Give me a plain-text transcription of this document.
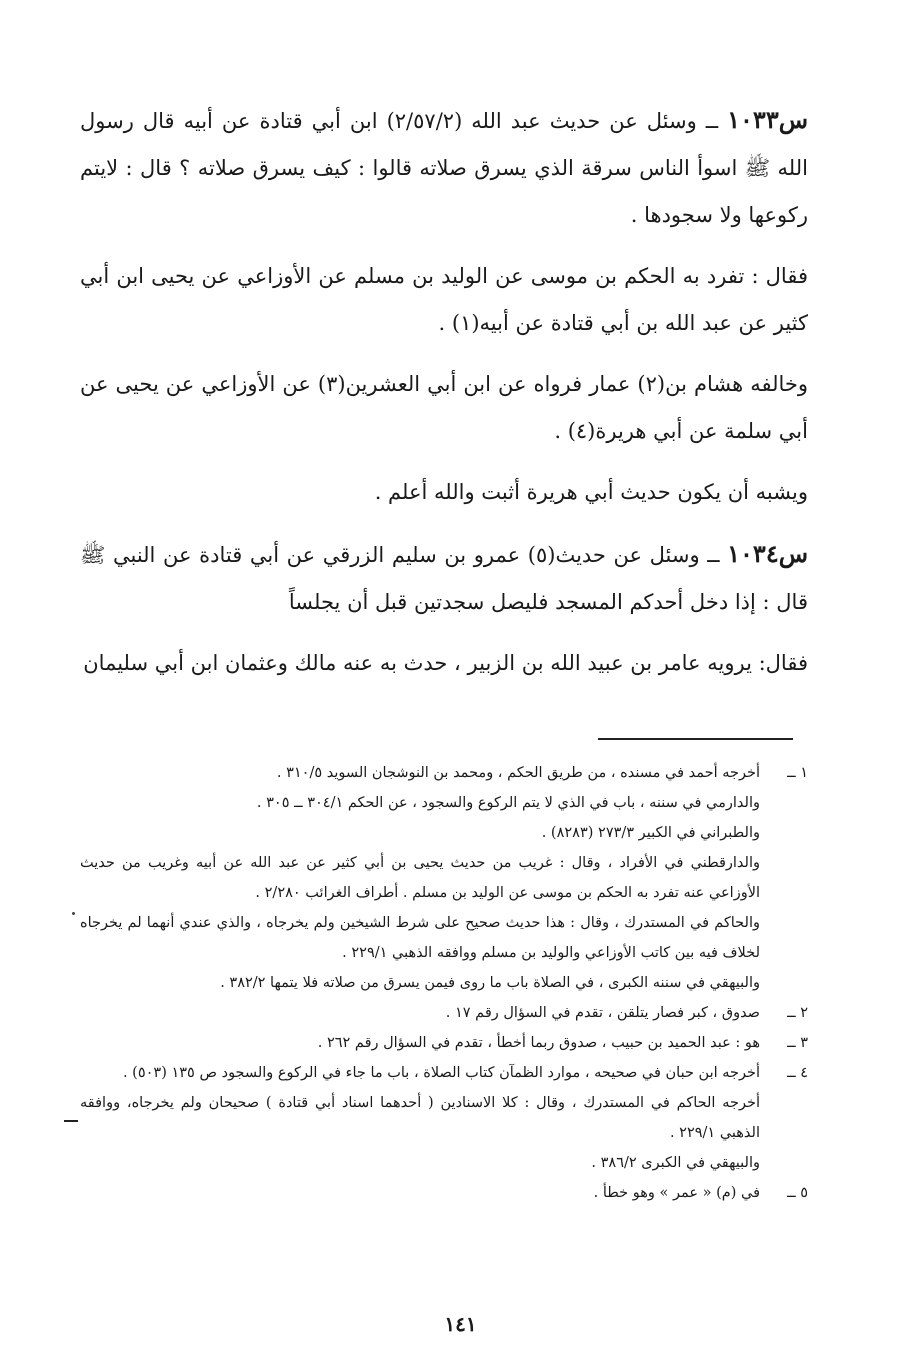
س١٠٣٣ ــ وسئل عن حديث عبد الله (٢/٥٧/٢) ابن أبي قتادة عن أبيه قال رسول الله ﷺ اسوأ الناس سرقة الذي يسرق صلاته قالوا : كيف يسرق صلاته ؟ قال : لايتم ركوعها ولا سجودها .

فقال : تفرد به الحكم بن موسى عن الوليد بن مسلم عن الأوزاعي عن يحيى ابن أبي كثير عن عبد الله بن أبي قتادة عن أبيه(١) .

وخالفه هشام بن(٢) عمار فرواه عن ابن أبي العشرين(٣) عن الأوزاعي عن يحيى عن أبي سلمة عن أبي هريرة(٤) .

ويشبه أن يكون حديث أبي هريرة أثبت والله أعلم .

س١٠٣٤ ــ وسئل عن حديث(٥) عمرو بن سليم الزرقي عن أبي قتادة عن النبي ﷺ قال : إذا دخل أحدكم المسجد فليصل سجدتين قبل أن يجلساً

فقال: يرويه عامر بن عبيد الله بن الزبير ، حدث به عنه مالك وعثمان ابن أبي سليمان

١ ــ
أخرجه أحمد في مسنده ، من طريق الحكم ، ومحمد بن النوشجان السويد ٣١٠/٥ .
والدارمي في سننه ، باب في الذي لا يتم الركوع والسجود ، عن الحكم ٣٠٤/١ ــ ٣٠٥ .
والطبراني في الكبير ٢٧٣/٣ (٨٢٨٣) .
والدارقطني في الأفراد ، وقال : غريب من حديث يحيى بن أبي كثير عن عبد الله عن أبيه وغريب من حديث الأوزاعي عنه تفرد به الحكم بن موسى عن الوليد بن مسلم . أطراف الغرائب ٢/٢٨٠ .
والحاكم في المستدرك ، وقال : هذا حديث صحيح على شرط الشيخين ولم يخرجاه ، والذي عندي أنهما لم يخرجاه لخلاف فيه بين كاتب الأوزاعي والوليد بن مسلم ووافقه الذهبي ٢٢٩/١ .
والبيهقي في سننه الكبرى ، في الصلاة باب ما روى فيمن يسرق من صلاته فلا يتمها ٣٨٢/٢ .
٢ ــ
صدوق ، كبر فصار يتلقن ، تقدم في السؤال رقم ١٧ .
٣ ــ
هو : عبد الحميد بن حبيب ، صدوق ربما أخطأ ، تقدم في السؤال رقم ٢٦٢ .
٤ ــ
أخرجه ابن حبان في صحيحه ، موارد الظمآن كتاب الصلاة ، باب ما جاء في الركوع والسجود ص ١٣٥ (٥٠٣) .
أخرجه الحاكم في المستدرك ، وقال : كلا الاسنادين ( أحدهما اسناد أبي قتادة ) صحيحان ولم يخرجاه، ووافقه الذهبي ٢٢٩/١ .
والبيهقي في الكبرى ٣٨٦/٢ .
٥ ــ
في (م) « عمر » وهو خطأ .
١٤١
